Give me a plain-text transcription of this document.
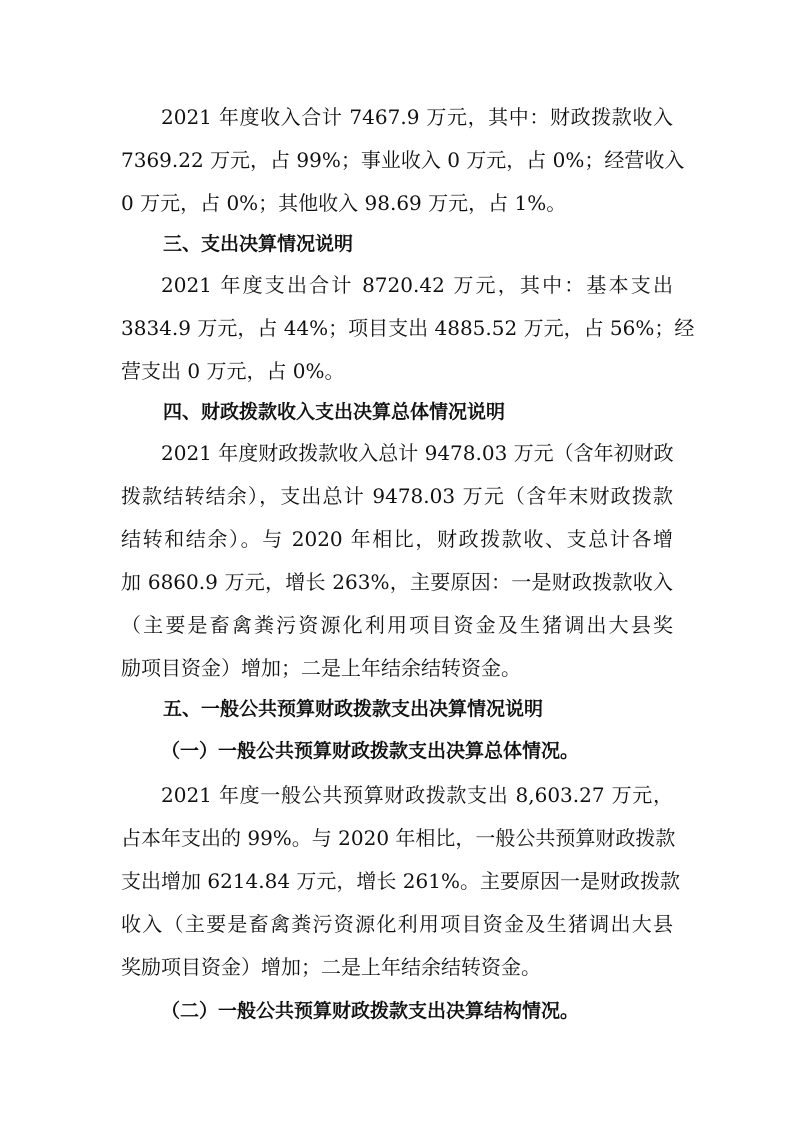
2021 年度收入合计 7467.9 万元，其中：财政拨款收入
7369.22 万元，占 99%；事业收入 0 万元，占 0%；经营收入
0 万元，占 0%；其他收入 98.69 万元，占 1%。
三、支出决算情况说明
2021 年度支出合计 8720.42 万元，其中：基本支出
3834.9 万元，占 44%；项目支出 4885.52 万元，占 56%；经
营支出 0 万元，占 0%。
四、财政拨款收入支出决算总体情况说明
2021 年度财政拨款收入总计 9478.03 万元（含年初财政
拨款结转结余），支出总计 9478.03 万元（含年末财政拨款
结转和结余）。与 2020 年相比，财政拨款收、支总计各增
加 6860.9 万元，增长 263%，主要原因：一是财政拨款收入
（主要是畜禽粪污资源化利用项目资金及生猪调出大县奖
励项目资金）增加；二是上年结余结转资金。
五、一般公共预算财政拨款支出决算情况说明
（一）一般公共预算财政拨款支出决算总体情况。
2021 年度一般公共预算财政拨款支出 8,603.27 万元，
占本年支出的 99%。与 2020 年相比，一般公共预算财政拨款
支出增加 6214.84 万元，增长 261%。主要原因一是财政拨款
收入（主要是畜禽粪污资源化利用项目资金及生猪调出大县
奖励项目资金）增加；二是上年结余结转资金。
（二）一般公共预算财政拨款支出决算结构情况。
